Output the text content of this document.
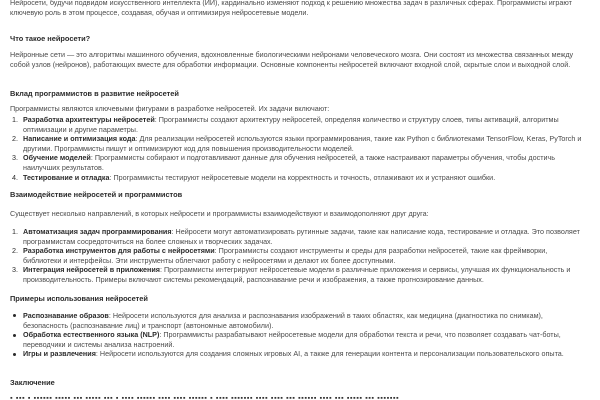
Нейросети, будучи подвидом искусственного интеллекта (ИИ), кардинально изменяют подход к решению множества задач в различных сферах. Программисты играют ключевую роль в этом процессе, создавая, обучая и оптимизируя нейросетевые модели.
Что такое нейросети?

Нейронные сети — это алгоритмы машинного обучения, вдохновленные биологическими нейронами человеческого мозга. Они состоят из множества связанных между собой узлов (нейронов), работающих вместе для обработки информации. Основные компоненты нейросетей включают входной слой, скрытые слои и выходной слой.

Вклад программистов в развитие нейросетей

Программисты являются ключевыми фигурами в разработке нейросетей. Их задачи включают:

1. Разработка архитектуры нейросетей: Программисты создают архитектуру нейросетей, определяя количество и структуру слоев, типы активаций, алгоритмы оптимизации и другие параметры.
2. Написание и оптимизация кода: Для реализации нейросетей используются языки программирования, такие как Python с библиотеками TensorFlow, Keras, PyTorch и другими. Программисты пишут и оптимизируют код для повышения производительности моделей.
3. Обучение моделей: Программисты собирают и подготавливают данные для обучения нейросетей, а также настраивают параметры обучения, чтобы достичь наилучших результатов.
4. Тестирование и отладка: Программисты тестируют нейросетевые модели на корректность и точность, отлаживают их и устраняют ошибки.
Взаимодействие нейросетей и программистов

Существует несколько направлений, в которых нейросети и программисты взаимодействуют и взаимодополняют друг друга:

1. Автоматизация задач программирования: Нейросети могут автоматизировать рутинные задачи, такие как написание кода, тестирование и отладка. Это позволяет программистам сосредоточиться на более сложных и творческих задачах.
2. Разработка инструментов для работы с нейросетями: Программисты создают инструменты и среды для разработки нейросетей, такие как фреймворки, библиотеки и интерфейсы. Эти инструменты облегчают работу с нейросетями и делают их более доступными.
3. Интеграция нейросетей в приложения: Программисты интегрируют нейросетевые модели в различные приложения и сервисы, улучшая их функциональность и производительность. Примеры включают системы рекомендаций, распознавание речи и изображения, а также прогнозирование данных.
Примеры использования нейросетей
Распознавание образов: Нейросети используются для анализа и распознавания изображений в таких областях, как медицина (диагностика по снимкам), безопасность (распознавание лиц) и транспорт (автономные автомобили).
Обработка естественного языка (NLP): Программисты разрабатывают нейросетевые модели для обработки текста и речи, что позволяет создавать чат-боты, переводчики и системы анализа настроений.
Игры и развлечения: Нейросети используются для создания сложных игровых AI, а также для генерации контента и персонализации пользовательского опыта.
Заключение
▪ ▪▪▪ ▪ ▪▪▪▪▪▪ ▪▪▪▪▪ ▪▪▪ ▪▪▪▪▪ ▪▪▪ ▪ ▪▪▪▪ ▪▪▪▪▪▪ ▪▪▪▪ ▪▪▪▪ ▪▪▪▪▪▪ ▪ ▪▪▪▪ ▪▪▪▪▪▪▪ ▪▪▪▪ ▪▪▪▪ ▪▪▪ ▪▪▪▪▪▪ ▪▪▪▪ ▪▪▪ ▪▪▪▪▪ ▪▪▪ ▪▪▪▪▪▪▪
